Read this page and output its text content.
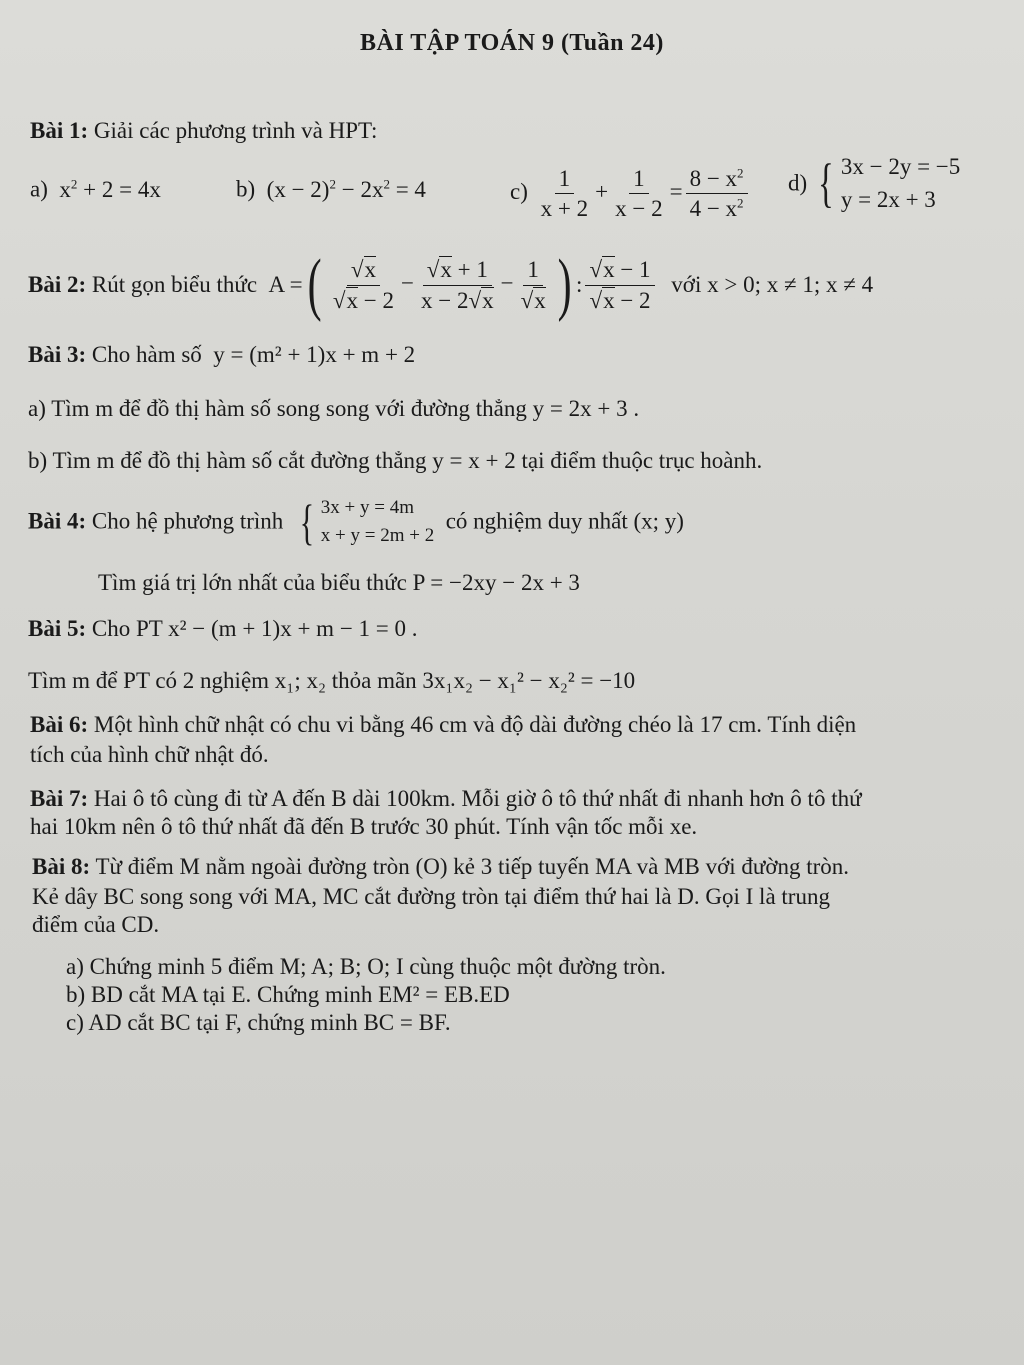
BÀI TẬP TOÁN 9 (Tuần 24)
Bài 1: Giải các phương trình và HPT:
a)  $x^2 + 2 = 4x$	b)  $(x - 2)^2 - 2x^2 = 4$	$c) \frac{1}{x + 2} + \frac{1}{x - 2} = \frac{8 - x^2}{4 - x^2} d$) { 3x − 2y = −5
y = 2x + 3
Bài 2: Rút gọn biểu thức  A =( $\frac{√x}{√x - 2} - \frac{√x + 1}{x - 2√x} - \frac{1}{√x}$ ) : $\frac{√x - 1}{√x - 2}$ với x > 0; x ≠ 1; x ≠ 4
Bài 3: Cho hàm số y = (m² + 1)x + m + 2
a) Tìm m để đồ thị hàm số song song với đường thẳng y = 2x + 3 .
b) Tìm m để đồ thị hàm số cắt đường thẳng y = x + 2 tại điểm thuộc trục hoành.
Bài 4: Cho hệ phương trình { 3x + y = 4m
x + y = 2m + 2
có nghiệm duy nhất (x; y)
Tìm giá trị lớn nhất của biểu thức P = −2xy − 2x + 3
Bài 5: Cho PT x² − (m + 1)x + m − 1 = 0 .
Tìm m để PT có 2 nghiệm x₁; x₂ thỏa mãn 3x₁x₂ − x₁² − x₂² = −10
Bài 6: Một hình chữ nhật có chu vi bằng 46 cm và độ dài đường chéo là 17 cm. Tính diện
tích của hình chữ nhật đó.
Bài 7: Hai ô tô cùng đi từ A đến B dài 100km. Mỗi giờ ô tô thứ nhất đi nhanh hơn ô tô thứ
hai 10km nên ô tô thứ nhất đã đến B trước 30 phút. Tính vận tốc mỗi xe.
Bài 8: Từ điểm M nằm ngoài đường tròn (O) kẻ 3 tiếp tuyến MA và MB với đường tròn.
Kẻ dây BC song song với MA, MC cắt đường tròn tại điểm thứ hai là D. Gọi I là trung
điểm của CD.
a) Chứng minh 5 điểm M; A; B; O; I cùng thuộc một đường tròn.
b) BD cắt MA tại E. Chứng minh EM² = EB.ED
c) AD cắt BC tại F, chứng minh BC = BF.
